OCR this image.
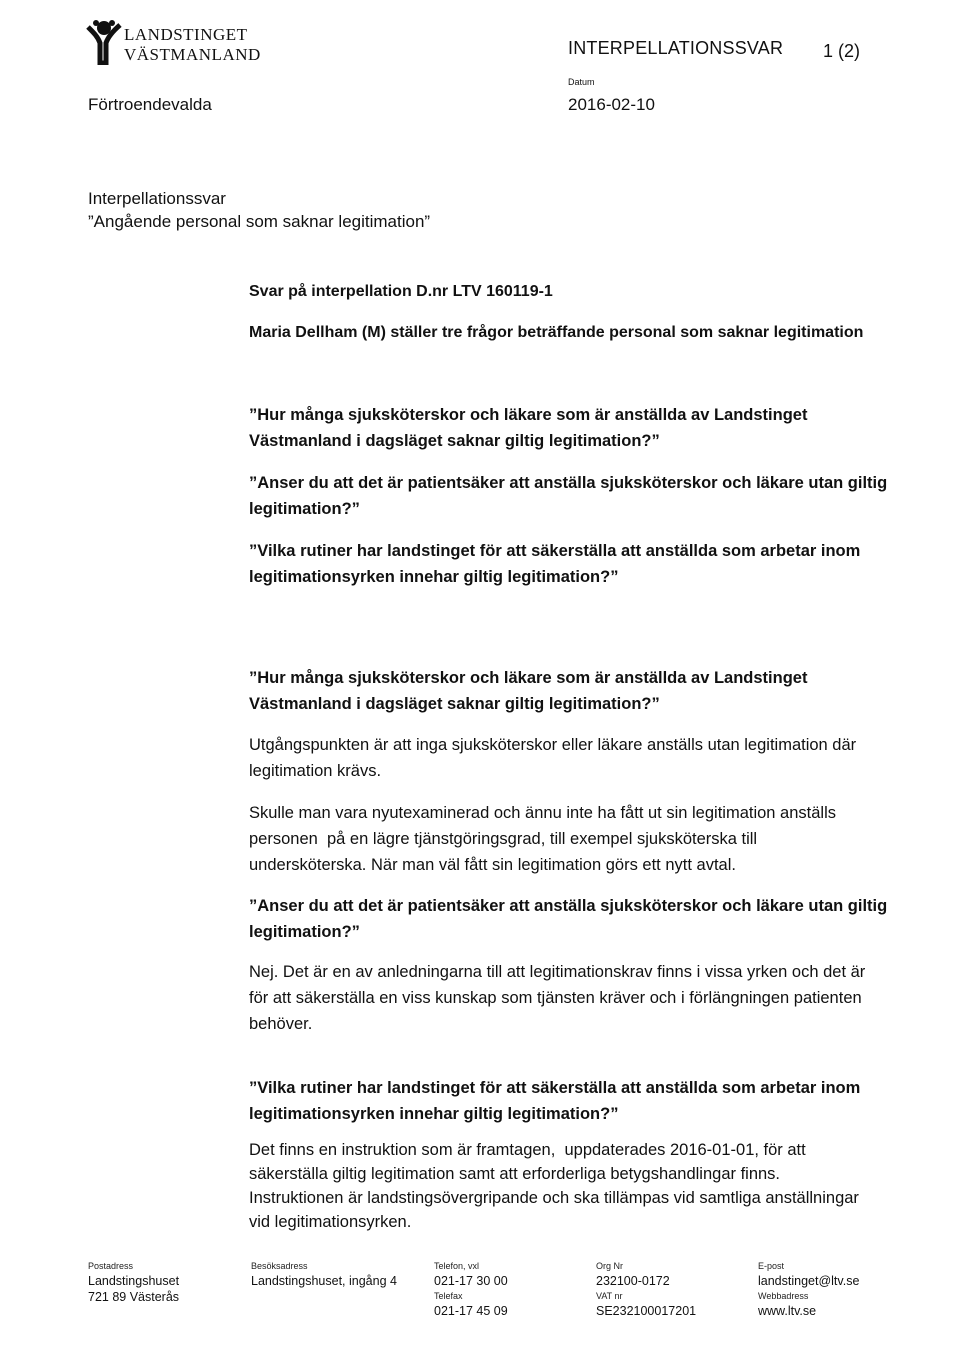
LANDSTINGET
VÄSTMANLAND	INTERPELLATIONSSVAR 1 (2)
Förtroendevalda
Datum
2016-02-10
Interpellationssvar
”Angående personal som saknar legitimation”
Svar på interpellation D.nr LTV 160119-1
Maria Dellham (M) ställer tre frågor beträffande personal som saknar legitimation
”Hur många sjuksköterskor och läkare som är anställda av Landstinget
Västmanland i dagsläget saknar giltig legitimation?”
”Anser du att det är patientsäker att anställa sjuksköterskor och läkare utan giltig
legitimation?”
”Vilka rutiner har landstinget för att säkerställa att anställda som arbetar inom
legitimationsyrken innehar giltig legitimation?”
”Hur många sjuksköterskor och läkare som är anställda av Landstinget
Västmanland i dagsläget saknar giltig legitimation?”
Utgångspunkten är att inga sjuksköterskor eller läkare anställs utan legitimation där
legitimation krävs.
Skulle man vara nyutexaminerad och ännu inte ha fått ut sin legitimation anställs
personen  på en lägre tjänstgöringsgrad, till exempel sjuksköterska till
undersköterska. När man väl fått sin legitimation görs ett nytt avtal.
”Anser du att det är patientsäker att anställa sjuksköterskor och läkare utan giltig
legitimation?”
Nej. Det är en av anledningarna till att legitimationskrav finns i vissa yrken och det är
för att säkerställa en viss kunskap som tjänsten kräver och i förlängningen patienten
behöver.
”Vilka rutiner har landstinget för att säkerställa att anställda som arbetar inom
legitimationsyrken innehar giltig legitimation?”
Det finns en instruktion som är framtagen,  uppdaterades 2016-01-01, för att
säkerställa giltig legitimation samt att erforderliga betygshandlingar finns.
Instruktionen är landstingsövergripande och ska tillämpas vid samtliga anställningar
vid legitimationsyrken.
Postadress
Landstingshuset
721 89 Västerås
Besöksadress
Landstingshuset, ingång 4
Telefon, vxl
021-17 30 00
Telefax
021-17 45 09
Org Nr
232100-0172
VAT nr
SE232100017201
E-post
landstinget@ltv.se
Webbadress
www.ltv.se
